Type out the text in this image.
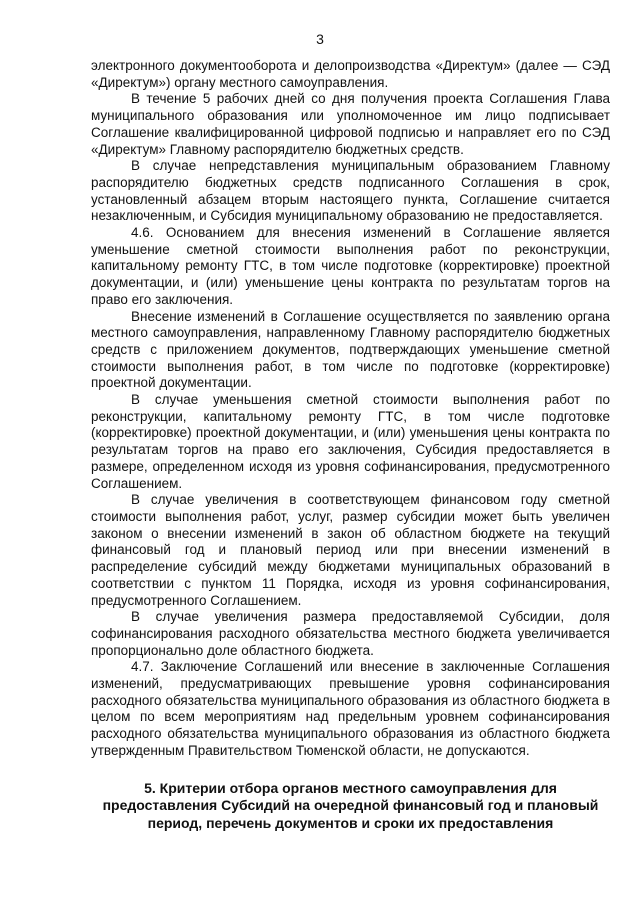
3

электронного документооборота и делопроизводства «Директум» (далее — СЭД «Директум») органу местного самоуправления.

В течение 5 рабочих дней со дня получения проекта Соглашения Глава муниципального образования или уполномоченное им лицо подписывает Соглашение квалифицированной цифровой подписью и направляет его по СЭД «Директум» Главному распорядителю бюджетных средств.

В случае непредставления муниципальным образованием Главному распорядителю бюджетных средств подписанного Соглашения в срок, установленный абзацем вторым настоящего пункта, Соглашение считается незаключенным, и Субсидия муниципальному образованию не предоставляется.

4.6. Основанием для внесения изменений в Соглашение является уменьшение сметной стоимости выполнения работ по реконструкции, капитальному ремонту ГТС, в том числе подготовке (корректировке) проектной документации, и (или) уменьшение цены контракта по результатам торгов на право его заключения.

Внесение изменений в Соглашение осуществляется по заявлению органа местного самоуправления, направленному Главному распорядителю бюджетных средств с приложением документов, подтверждающих уменьшение сметной стоимости выполнения работ, в том числе по подготовке (корректировке) проектной документации.

В случае уменьшения сметной стоимости выполнения работ по реконструкции, капитальному ремонту ГТС, в том числе подготовке (корректировке) проектной документации, и (или) уменьшения цены контракта по результатам торгов на право его заключения, Субсидия предоставляется в размере, определенном исходя из уровня софинансирования, предусмотренного Соглашением.

В случае увеличения в соответствующем финансовом году сметной стоимости выполнения работ, услуг, размер субсидии может быть увеличен законом о внесении изменений в закон об областном бюджете на текущий финансовый год и плановый период или при внесении изменений в распределение субсидий между бюджетами муниципальных образований в соответствии с пунктом 11 Порядка, исходя из уровня софинансирования, предусмотренного Соглашением.

В случае увеличения размера предоставляемой Субсидии, доля софинансирования расходного обязательства местного бюджета увеличивается пропорционально доле областного бюджета.

4.7. Заключение Соглашений или внесение в заключенные Соглашения изменений, предусматривающих превышение уровня софинансирования расходного обязательства муниципального образования из областного бюджета в целом по всем мероприятиям над предельным уровнем софинансирования расходного обязательства муниципального образования из областного бюджета утвержденным Правительством Тюменской области, не допускаются.

5. Критерии отбора органов местного самоуправления для предоставления Субсидий на очередной финансовый год и плановый период, перечень документов и сроки их предоставления
